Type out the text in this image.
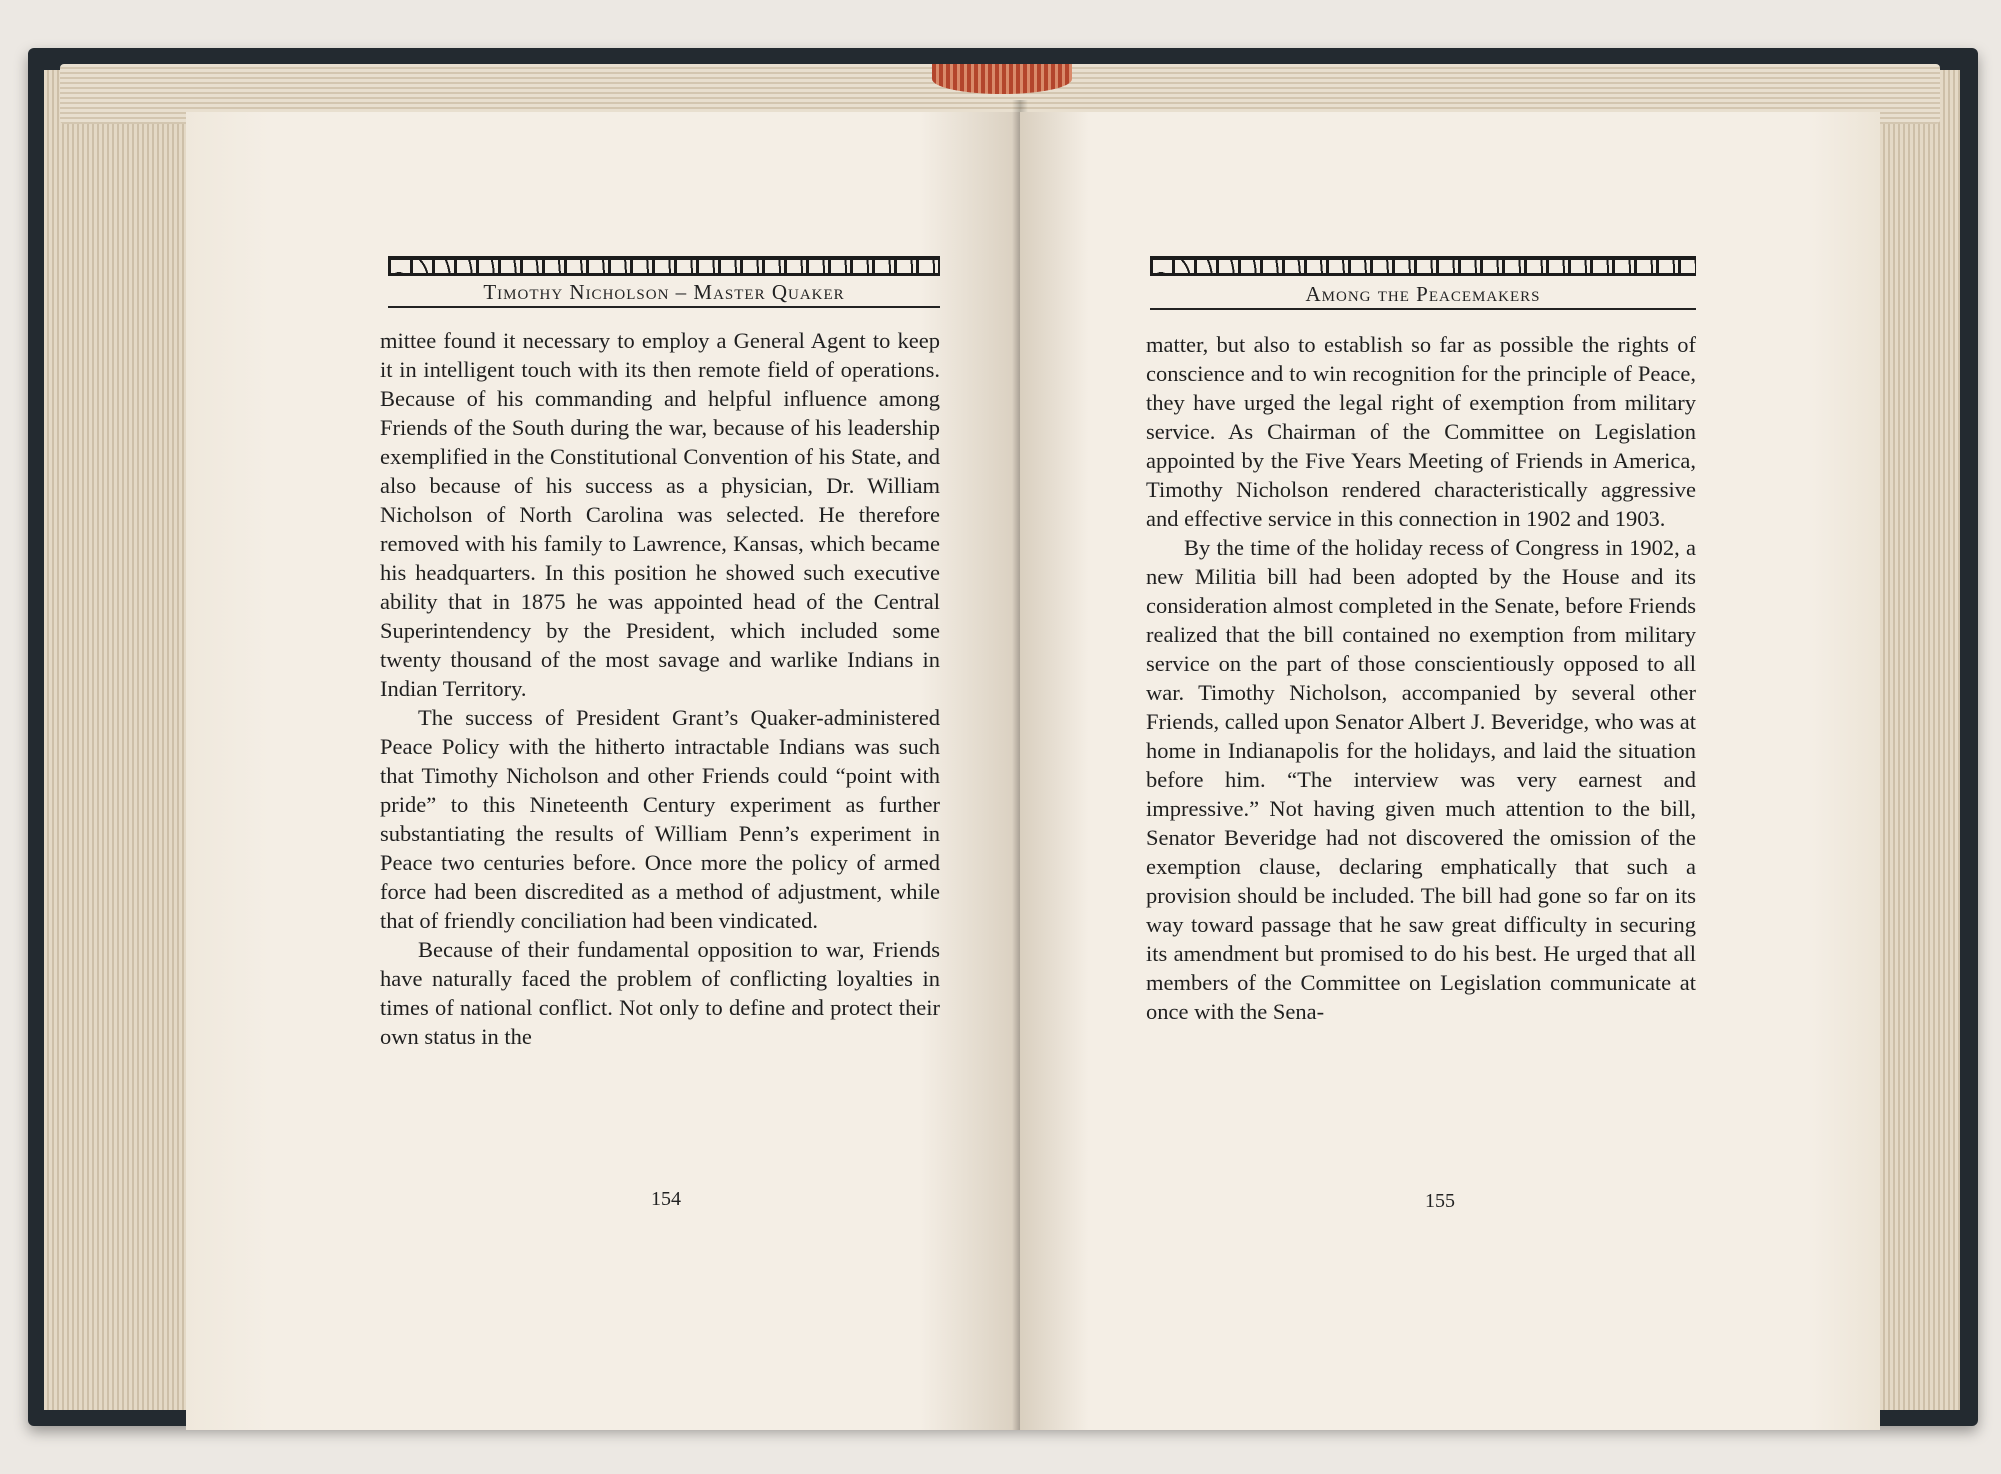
Timothy Nicholson – Master Quaker

mittee found it necessary to employ a General Agent to keep it in intelligent touch with its then remote field of operations. Because of his commanding and helpful influence among Friends of the South during the war, because of his leadership exemplified in the Constitutional Convention of his State, and also because of his success as a physician, Dr. William Nicholson of North Carolina was selected. He therefore removed with his family to Lawrence, Kansas, which became his headquarters. In this position he showed such executive ability that in 1875 he was appointed head of the Central Superintendency by the President, which included some twenty thousand of the most savage and warlike Indians in Indian Territory.

The success of President Grant’s Quaker-administered Peace Policy with the hitherto intractable Indians was such that Timothy Nicholson and other Friends could “point with pride” to this Nineteenth Century experiment as further substantiating the results of William Penn’s experiment in Peace two centuries before. Once more the policy of armed force had been discredited as a method of adjustment, while that of friendly conciliation had been vindicated.

Because of their fundamental opposition to war, Friends have naturally faced the problem of conflicting loyalties in times of national conflict. Not only to define and protect their own status in the

154
Among the Peacemakers

matter, but also to establish so far as possible the rights of conscience and to win recognition for the principle of Peace, they have urged the legal right of exemption from military service. As Chairman of the Committee on Legislation appointed by the Five Years Meeting of Friends in America, Timothy Nicholson rendered characteristically aggressive and effective service in this connection in 1902 and 1903.

By the time of the holiday recess of Congress in 1902, a new Militia bill had been adopted by the House and its consideration almost completed in the Senate, before Friends realized that the bill contained no exemption from military service on the part of those conscientiously opposed to all war. Timothy Nicholson, accompanied by several other Friends, called upon Senator Albert J. Beveridge, who was at home in Indianapolis for the holidays, and laid the situation before him. “The interview was very earnest and impressive.” Not having given much attention to the bill, Senator Beveridge had not discovered the omission of the exemption clause, declaring emphatically that such a provision should be included. The bill had gone so far on its way toward passage that he saw great difficulty in securing its amendment but promised to do his best. He urged that all members of the Committee on Legislation communicate at once with the Sena-

155
